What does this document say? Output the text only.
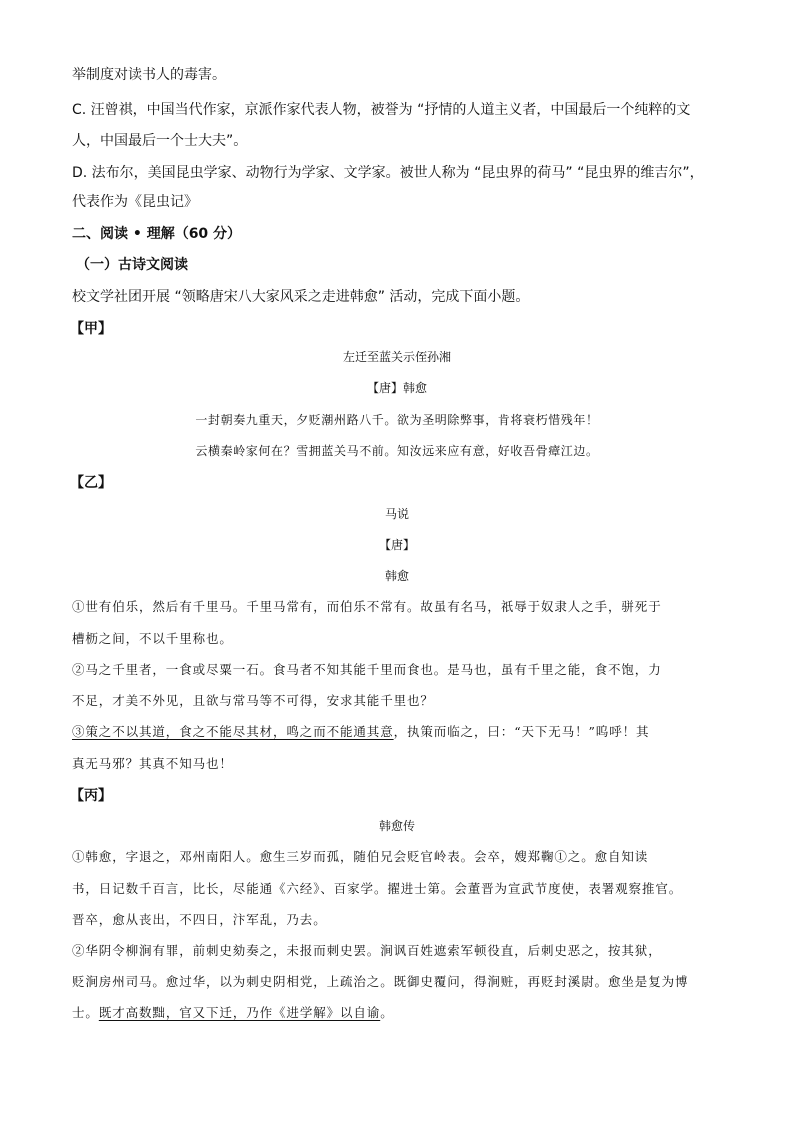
举制度对读书人的毒害。
C. 汪曾祺，中国当代作家，京派作家代表人物，被誉为 “抒情的人道主义者，中国最后一个纯粹的文
人，中国最后一个士大夫”。
D. 法布尔，美国昆虫学家、动物行为学家、文学家。被世人称为 “昆虫界的荷马” “昆虫界的维吉尔”，
代表作为《昆虫记》
二、阅读 • 理解（60 分）
（一）古诗文阅读
校文学社团开展 “领略唐宋八大家风采之走进韩愈” 活动，完成下面小题。
【甲】
左迁至蓝关示侄孙湘
【唐】韩愈
一封朝奏九重天，夕贬潮州路八千。欲为圣明除弊事，肯将衰朽惜残年！
云横秦岭家何在？雪拥蓝关马不前。知汝远来应有意，好收吾骨瘴江边。
【乙】
马说
【唐】
韩愈
①世有伯乐，然后有千里马。千里马常有，而伯乐不常有。故虽有名马，祇辱于奴隶人之手，骈死于
槽枥之间，不以千里称也。
②马之千里者，一食或尽粟一石。食马者不知其能千里而食也。是马也，虽有千里之能，食不饱，力
不足，才美不外见，且欲与常马等不可得，安求其能千里也？
③策之不以其道，食之不能尽其材，鸣之而不能通其意，执策而临之，曰：“天下无马！”呜呼！其
真无马邪？其真不知马也！
【丙】
韩愈传
①韩愈，字退之，邓州南阳人。愈生三岁而孤，随伯兄会贬官岭表。会卒，嫂郑鞠①之。愈自知读
书，日记数千百言，比长，尽能通《六经》、百家学。擢进士第。会董晋为宣武节度使，表署观察推官。
晋卒，愈从丧出，不四日，汴军乱，乃去。
②华阴令柳涧有罪，前刺史劾奏之，未报而刺史罢。涧讽百姓遮索军顿役直，后刺史恶之，按其狱，
贬涧房州司马。愈过华，以为刺史阴相党，上疏治之。既御史覆问，得涧赃，再贬封溪尉。愈坐是复为博
士。既才高数黜，官又下迁，乃作《进学解》以自谕。
